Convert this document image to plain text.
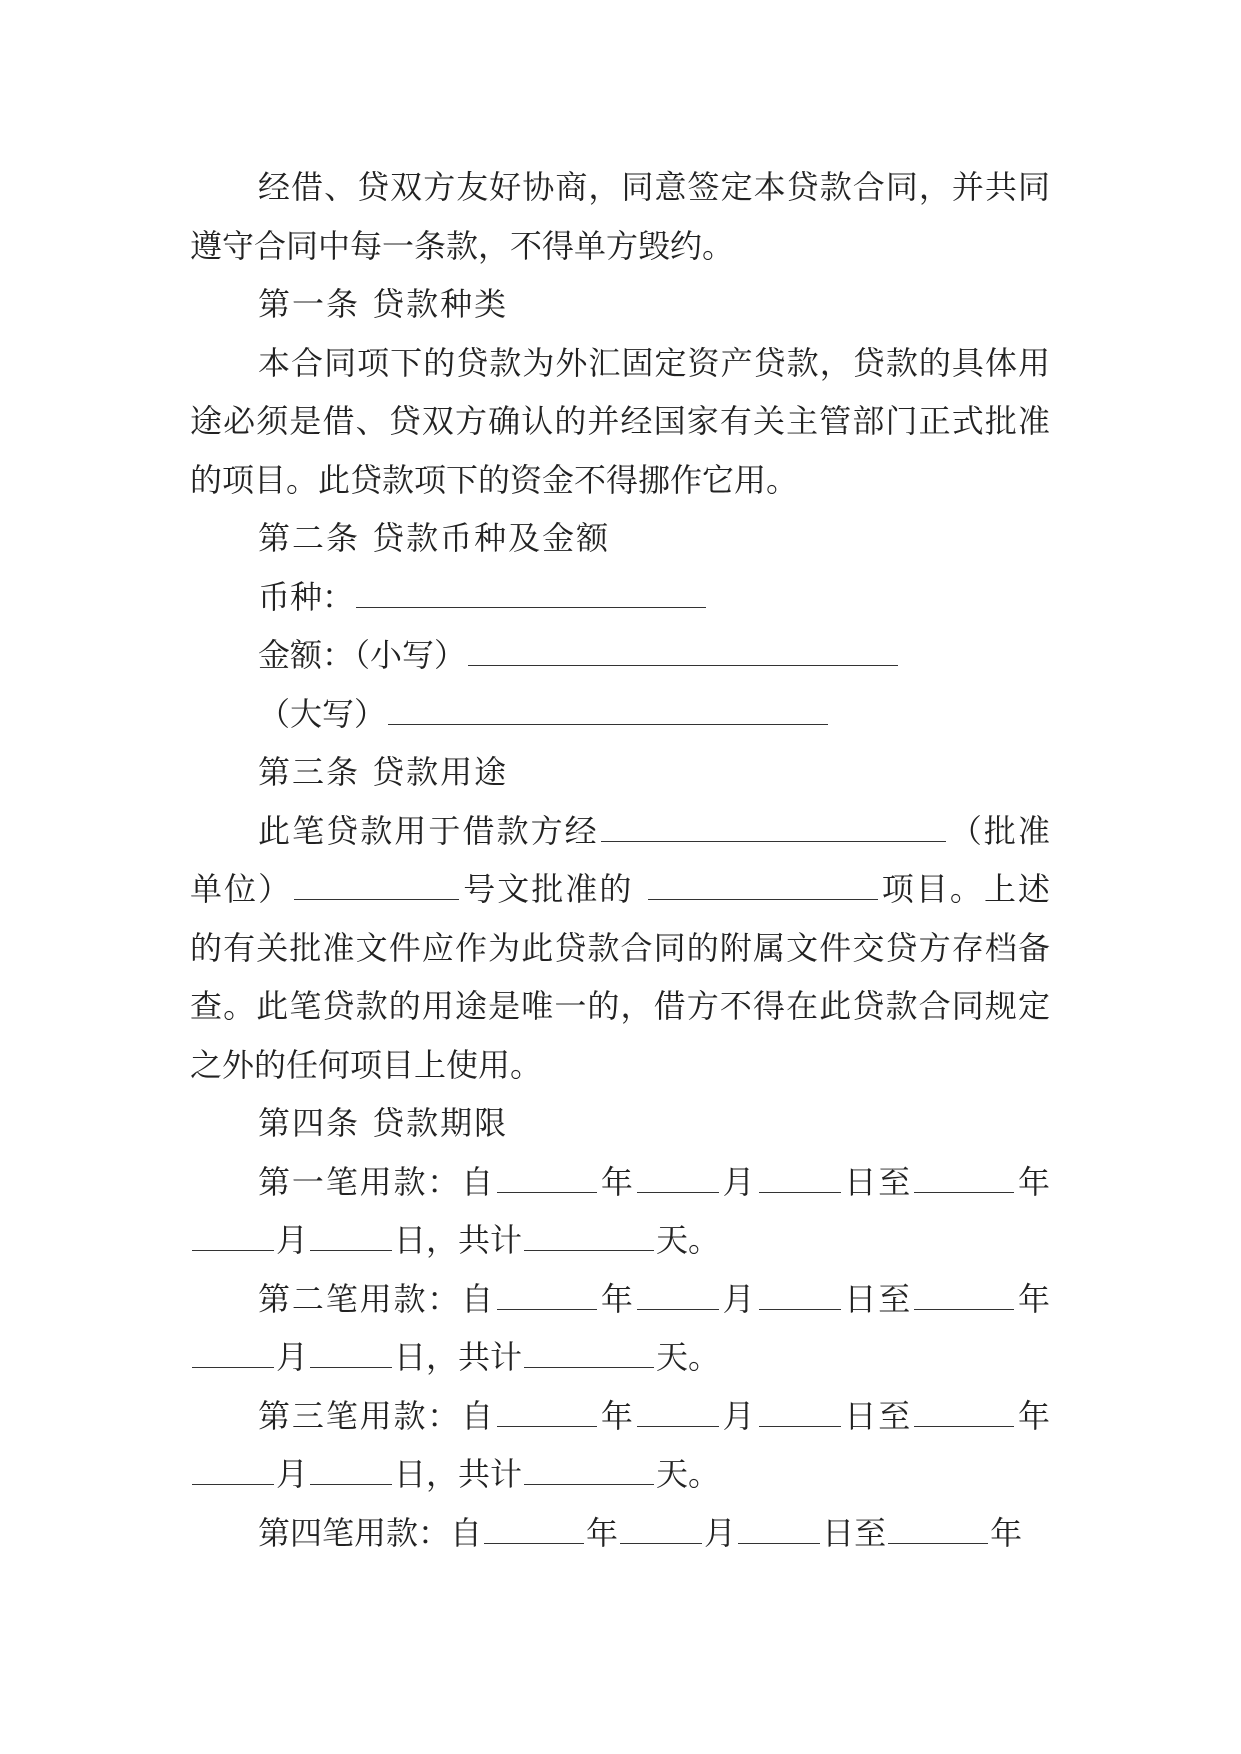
经借、贷双方友好协商，同意签定本贷款合同，并共同遵守合同中每一条款，不得单方毁约。

第一条 贷款种类

本合同项下的贷款为外汇固定资产贷款，贷款的具体用途必须是借、贷双方确认的并经国家有关主管部门正式批准的项目。此贷款项下的资金不得挪作它用。

第二条 贷款币种及金额

币种：

金额：（小写）

（大写）

第三条 贷款用途

此笔贷款用于借款方经	（批准单位）	号文批准的	项目。上述的有关批准文件应作为此贷款合同的附属文件交贷方存档备查。此笔贷款的用途是唯一的，借方不得在此贷款合同规定之外的任何项目上使用。

第四条 贷款期限

第一笔用款：自	年	月	日至	年月	日，共计	天。

第二笔用款：自	年	月	日至	年月	日，共计	天。

第三笔用款：自	年	月	日至	年月	日，共计	天。

第四笔用款：自	年	月	日至	年
